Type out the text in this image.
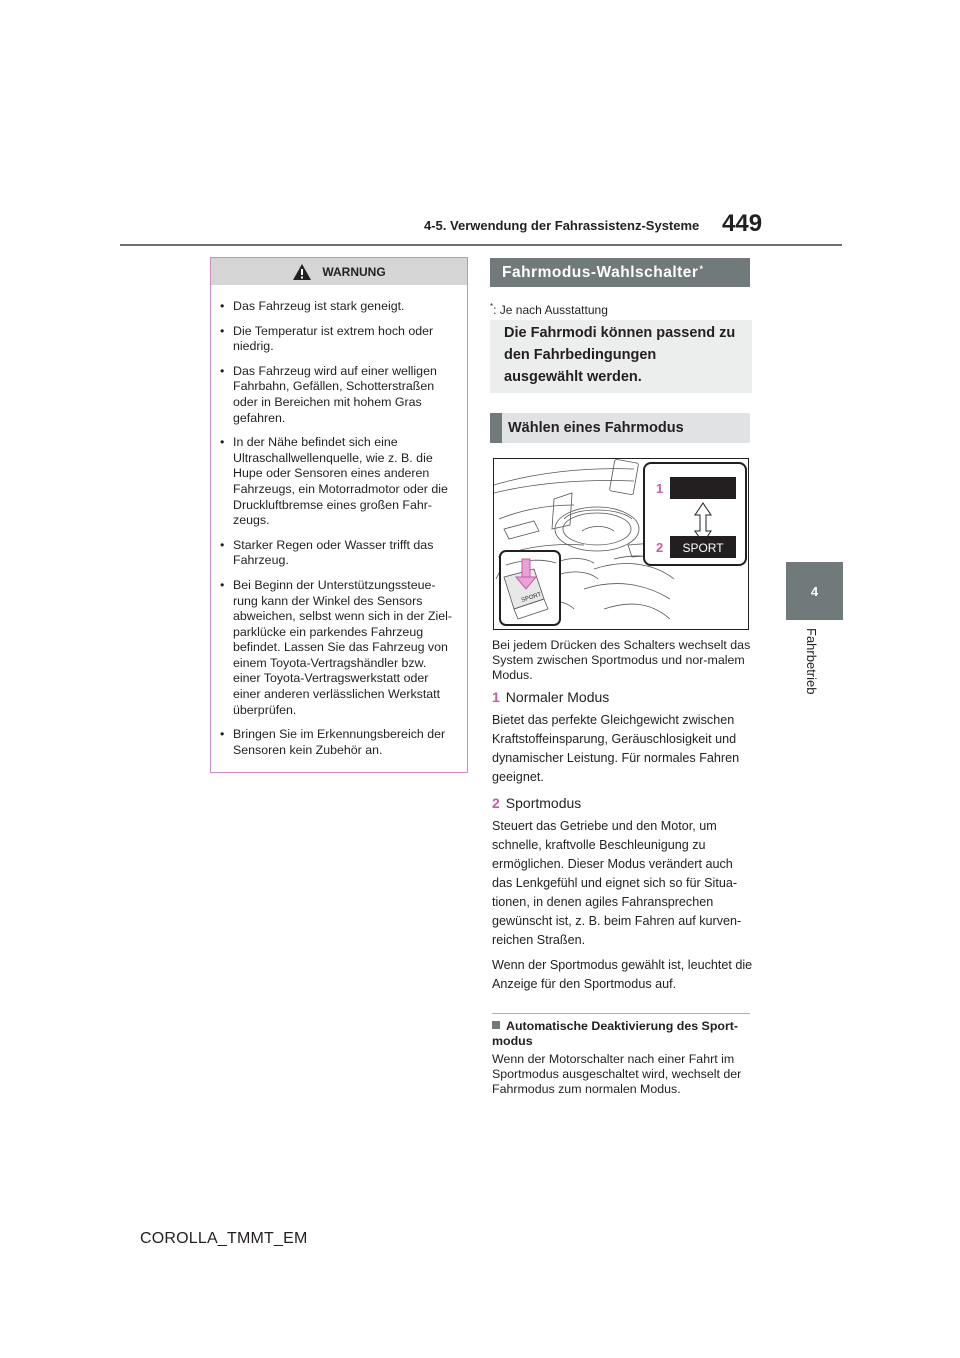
4-5. Verwendung der Fahrassistenz-Systeme 449
4
Fahrbetrieb
WARNUNG
• Das Fahrzeug ist stark geneigt.
• Die Temperatur ist extrem hoch oder niedrig.
• Das Fahrzeug wird auf einer welligen Fahrbahn, Gefällen, Schotterstraßen oder in Bereichen mit hohem Gras gefahren.
• In der Nähe befindet sich eine Ultraschallwellenquelle, wie z. B. die Hupe oder Sensoren eines anderen Fahrzeugs, ein Motorradmotor oder die Druckluftbremse eines großen Fahr-zeugs.
• Starker Regen oder Wasser trifft das Fahrzeug.
• Bei Beginn der Unterstützungssteue-rung kann der Winkel des Sensors abweichen, selbst wenn sich in der Ziel-parklücke ein parkendes Fahrzeug befindet. Lassen Sie das Fahrzeug von einem Toyota-Vertragshändler bzw. einer Toyota-Vertragswerkstatt oder einer anderen verlässlichen Werkstatt überprüfen.
• Bringen Sie im Erkennungsbereich der Sensoren kein Zubehör an.
Fahrmodus-Wahlschalter*
*: Je nach Ausstattung
Die Fahrmodi können passend zu den Fahrbedingungen ausgewählt werden.
Wählen eines Fahrmodus
SPORT
1
2 SPORT
Bei jedem Drücken des Schalters wechselt das System zwischen Sportmodus und nor-malem Modus.
1 Normaler Modus
Bietet das perfekte Gleichgewicht zwischen Kraftstoffeinsparung, Geräuschlosigkeit und dynamischer Leistung. Für normales Fahren geeignet.
2 Sportmodus
Steuert das Getriebe und den Motor, um schnelle, kraftvolle Beschleunigung zu ermöglichen. Dieser Modus verändert auch das Lenkgefühl und eignet sich so für Situa-tionen, in denen agiles Fahransprechen gewünscht ist, z. B. beim Fahren auf kurven-reichen Straßen.
Wenn der Sportmodus gewählt ist, leuchtet die Anzeige für den Sportmodus auf.
Automatische Deaktivierung des Sport-modus
Wenn der Motorschalter nach einer Fahrt im Sportmodus ausgeschaltet wird, wechselt der Fahrmodus zum normalen Modus.
COROLLA_TMMT_EM
